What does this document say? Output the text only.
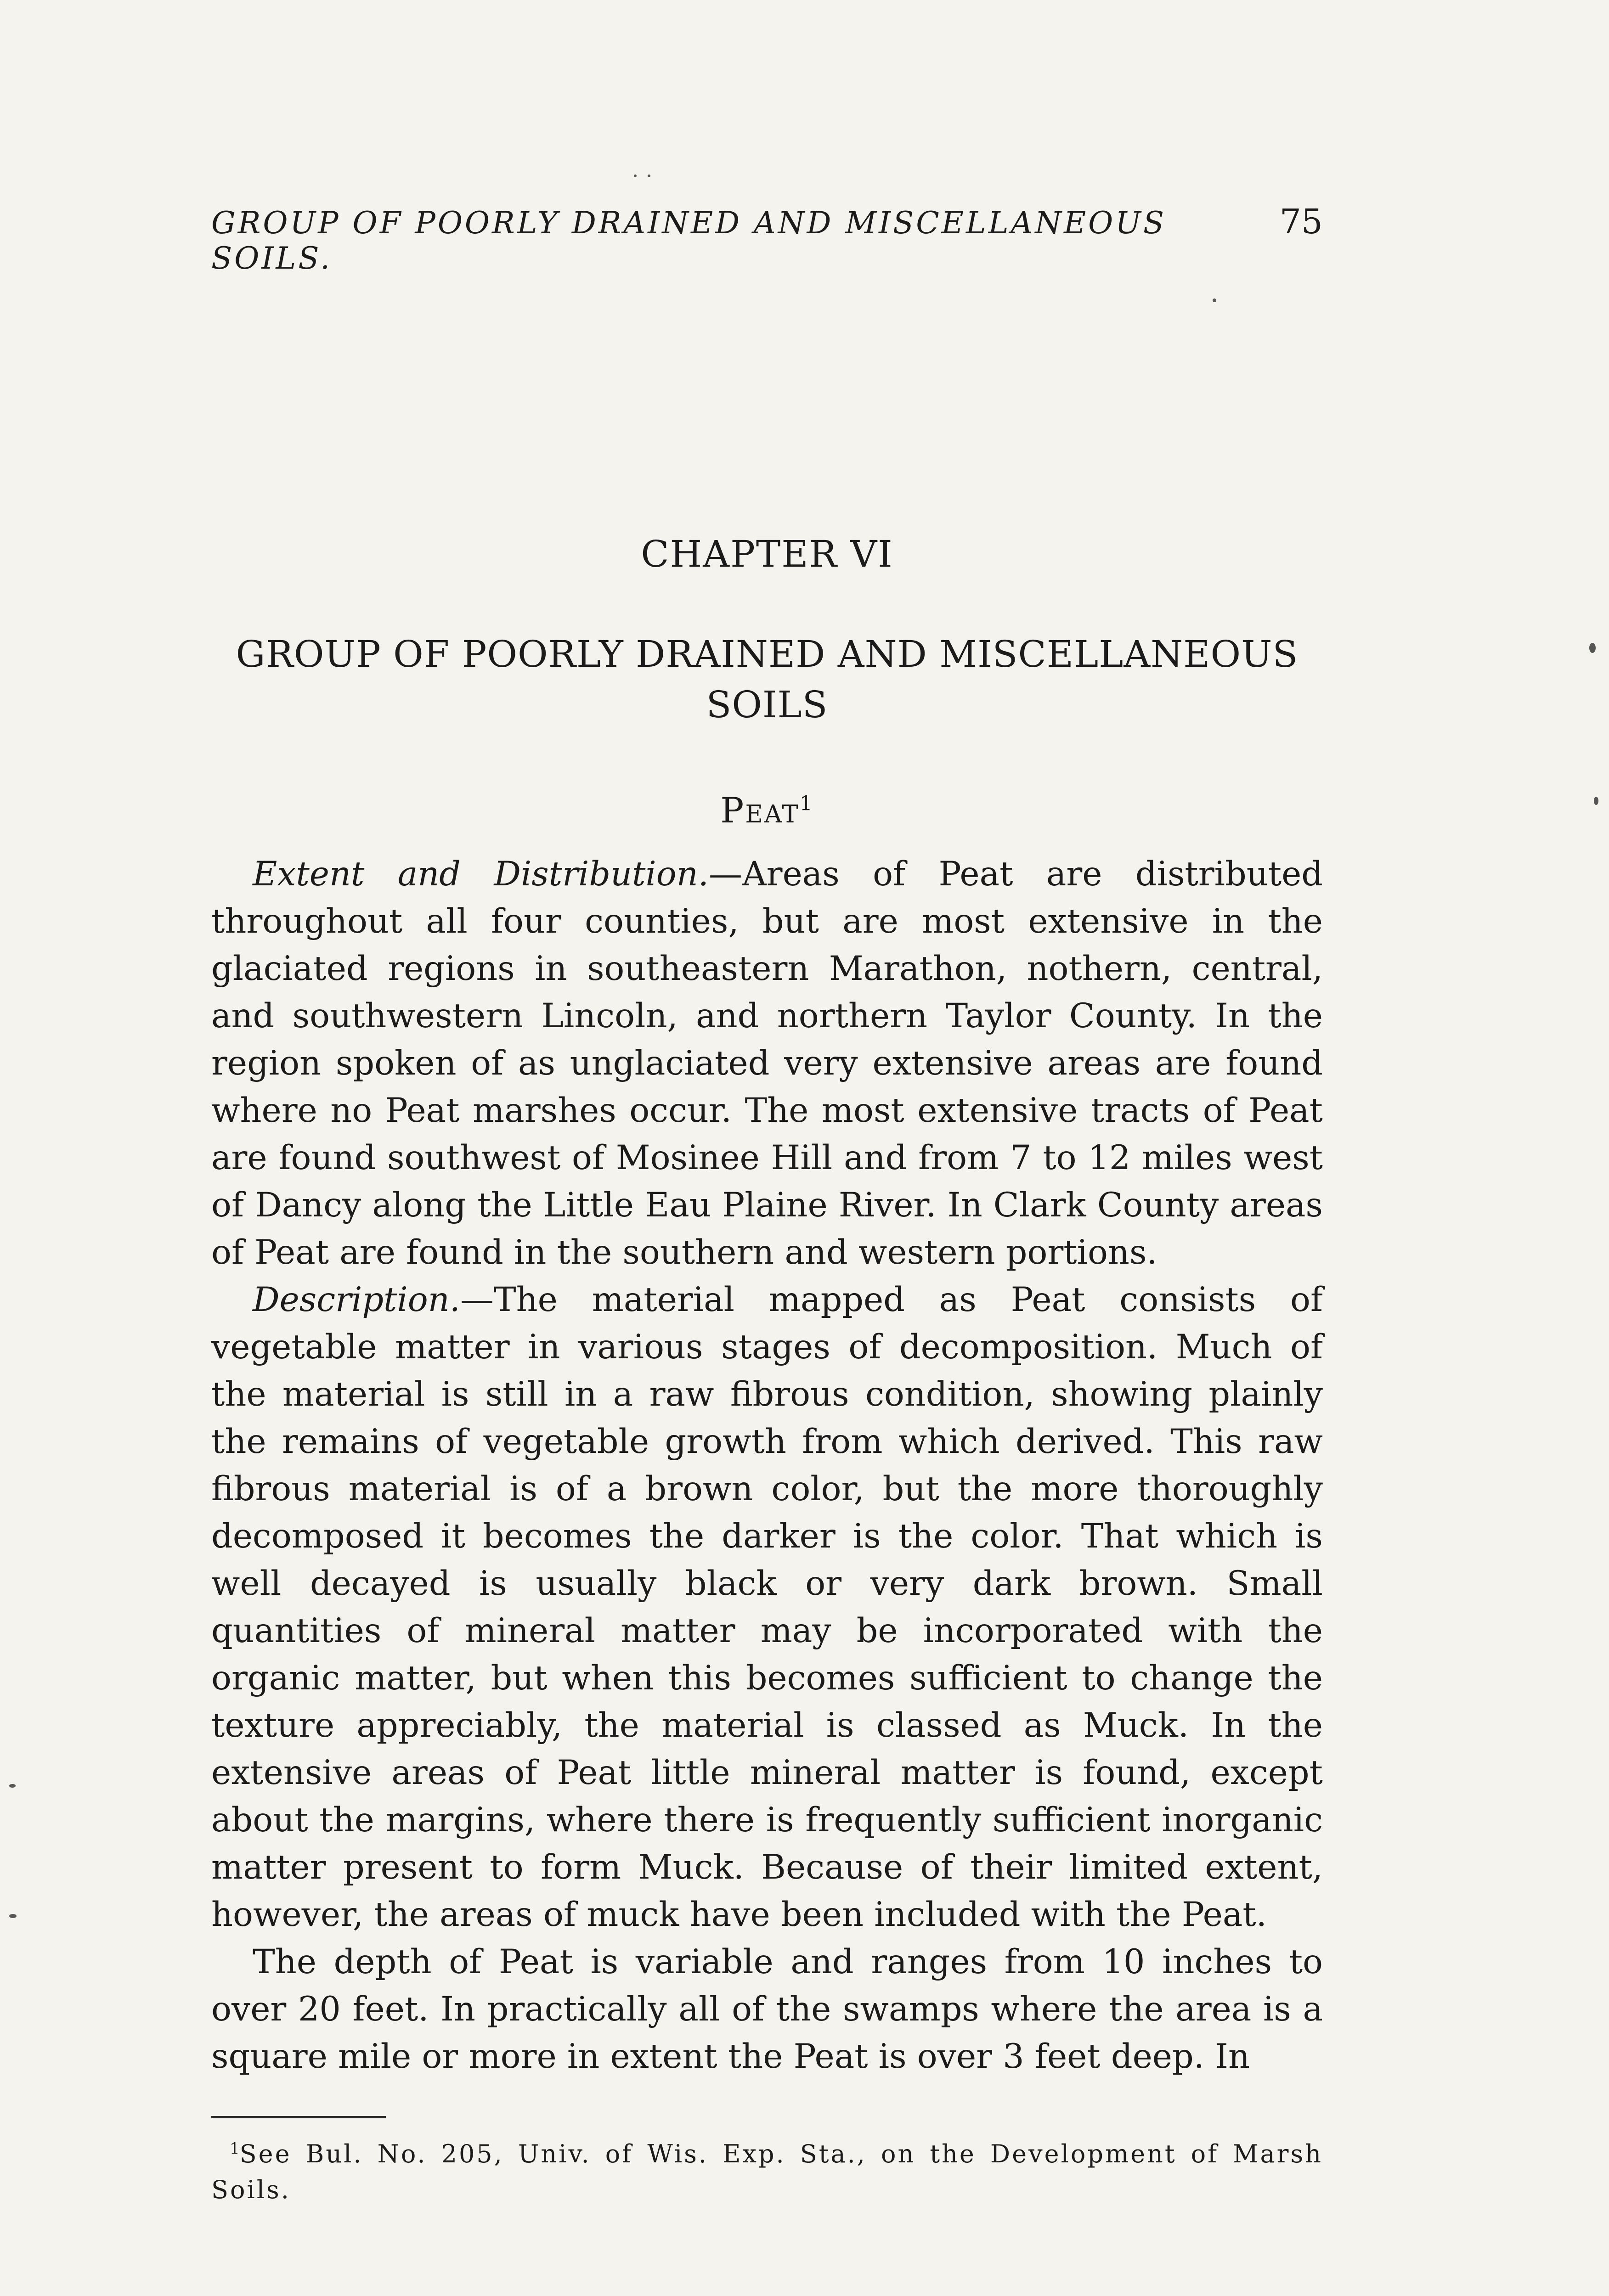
GROUP OF POORLY DRAINED AND MISCELLANEOUS SOILS.
75
CHAPTER VI
GROUP OF POORLY DRAINED AND MISCELLANEOUS
SOILS
Peat$^1$

Extent and Distribution.—Areas of Peat are distributed throughout all four counties, but are most extensive in the glaciated regions in southeastern Marathon, nothern, central, and southwestern Lincoln, and northern Taylor County. In the region spoken of as unglaciated very extensive areas are found where no Peat marshes occur. The most extensive tracts of Peat are found southwest of Mosinee Hill and from 7 to 12 miles west of Dancy along the Little Eau Plaine River. In Clark County areas of Peat are found in the southern and western portions.

Description.—The material mapped as Peat consists of vegetable matter in various stages of decomposition. Much of the material is still in a raw fibrous condition, showing plainly the remains of vegetable growth from which derived. This raw fibrous material is of a brown color, but the more thoroughly decomposed it becomes the darker is the color. That which is well decayed is usually black or very dark brown. Small quantities of mineral matter may be incorporated with the organic matter, but when this becomes sufficient to change the texture appreciably, the material is classed as Muck. In the extensive areas of Peat little mineral matter is found, except about the margins, where there is frequently sufficient inorganic matter present to form Muck. Because of their limited extent, however, the areas of muck have been included with the Peat.

The depth of Peat is variable and ranges from 10 inches to over 20 feet. In practically all of the swamps where the area is a square mile or more in extent the Peat is over 3 feet deep. In

$^1$See Bul. No. 205, Univ. of Wis. Exp. Sta., on the Development of Marsh Soils.
